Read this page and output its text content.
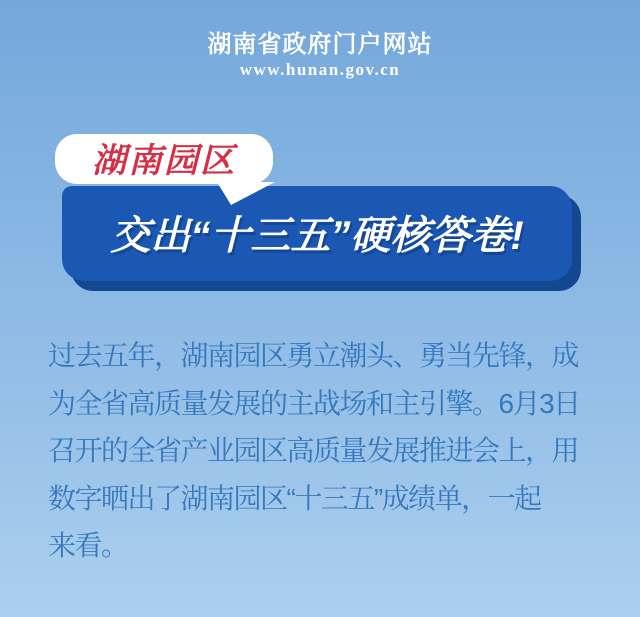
湖南省政府门户网站
www.hunan.gov.cn
交出“十三五”硬核答卷!
湖南园区
过去五年，湖南园区勇立潮头、勇当先锋，成
为全省高质量发展的主战场和主引擎。6月3日
召开的全省产业园区高质量发展推进会上，用
数字晒出了湖南园区“十三五”成绩单，一起
来看。
